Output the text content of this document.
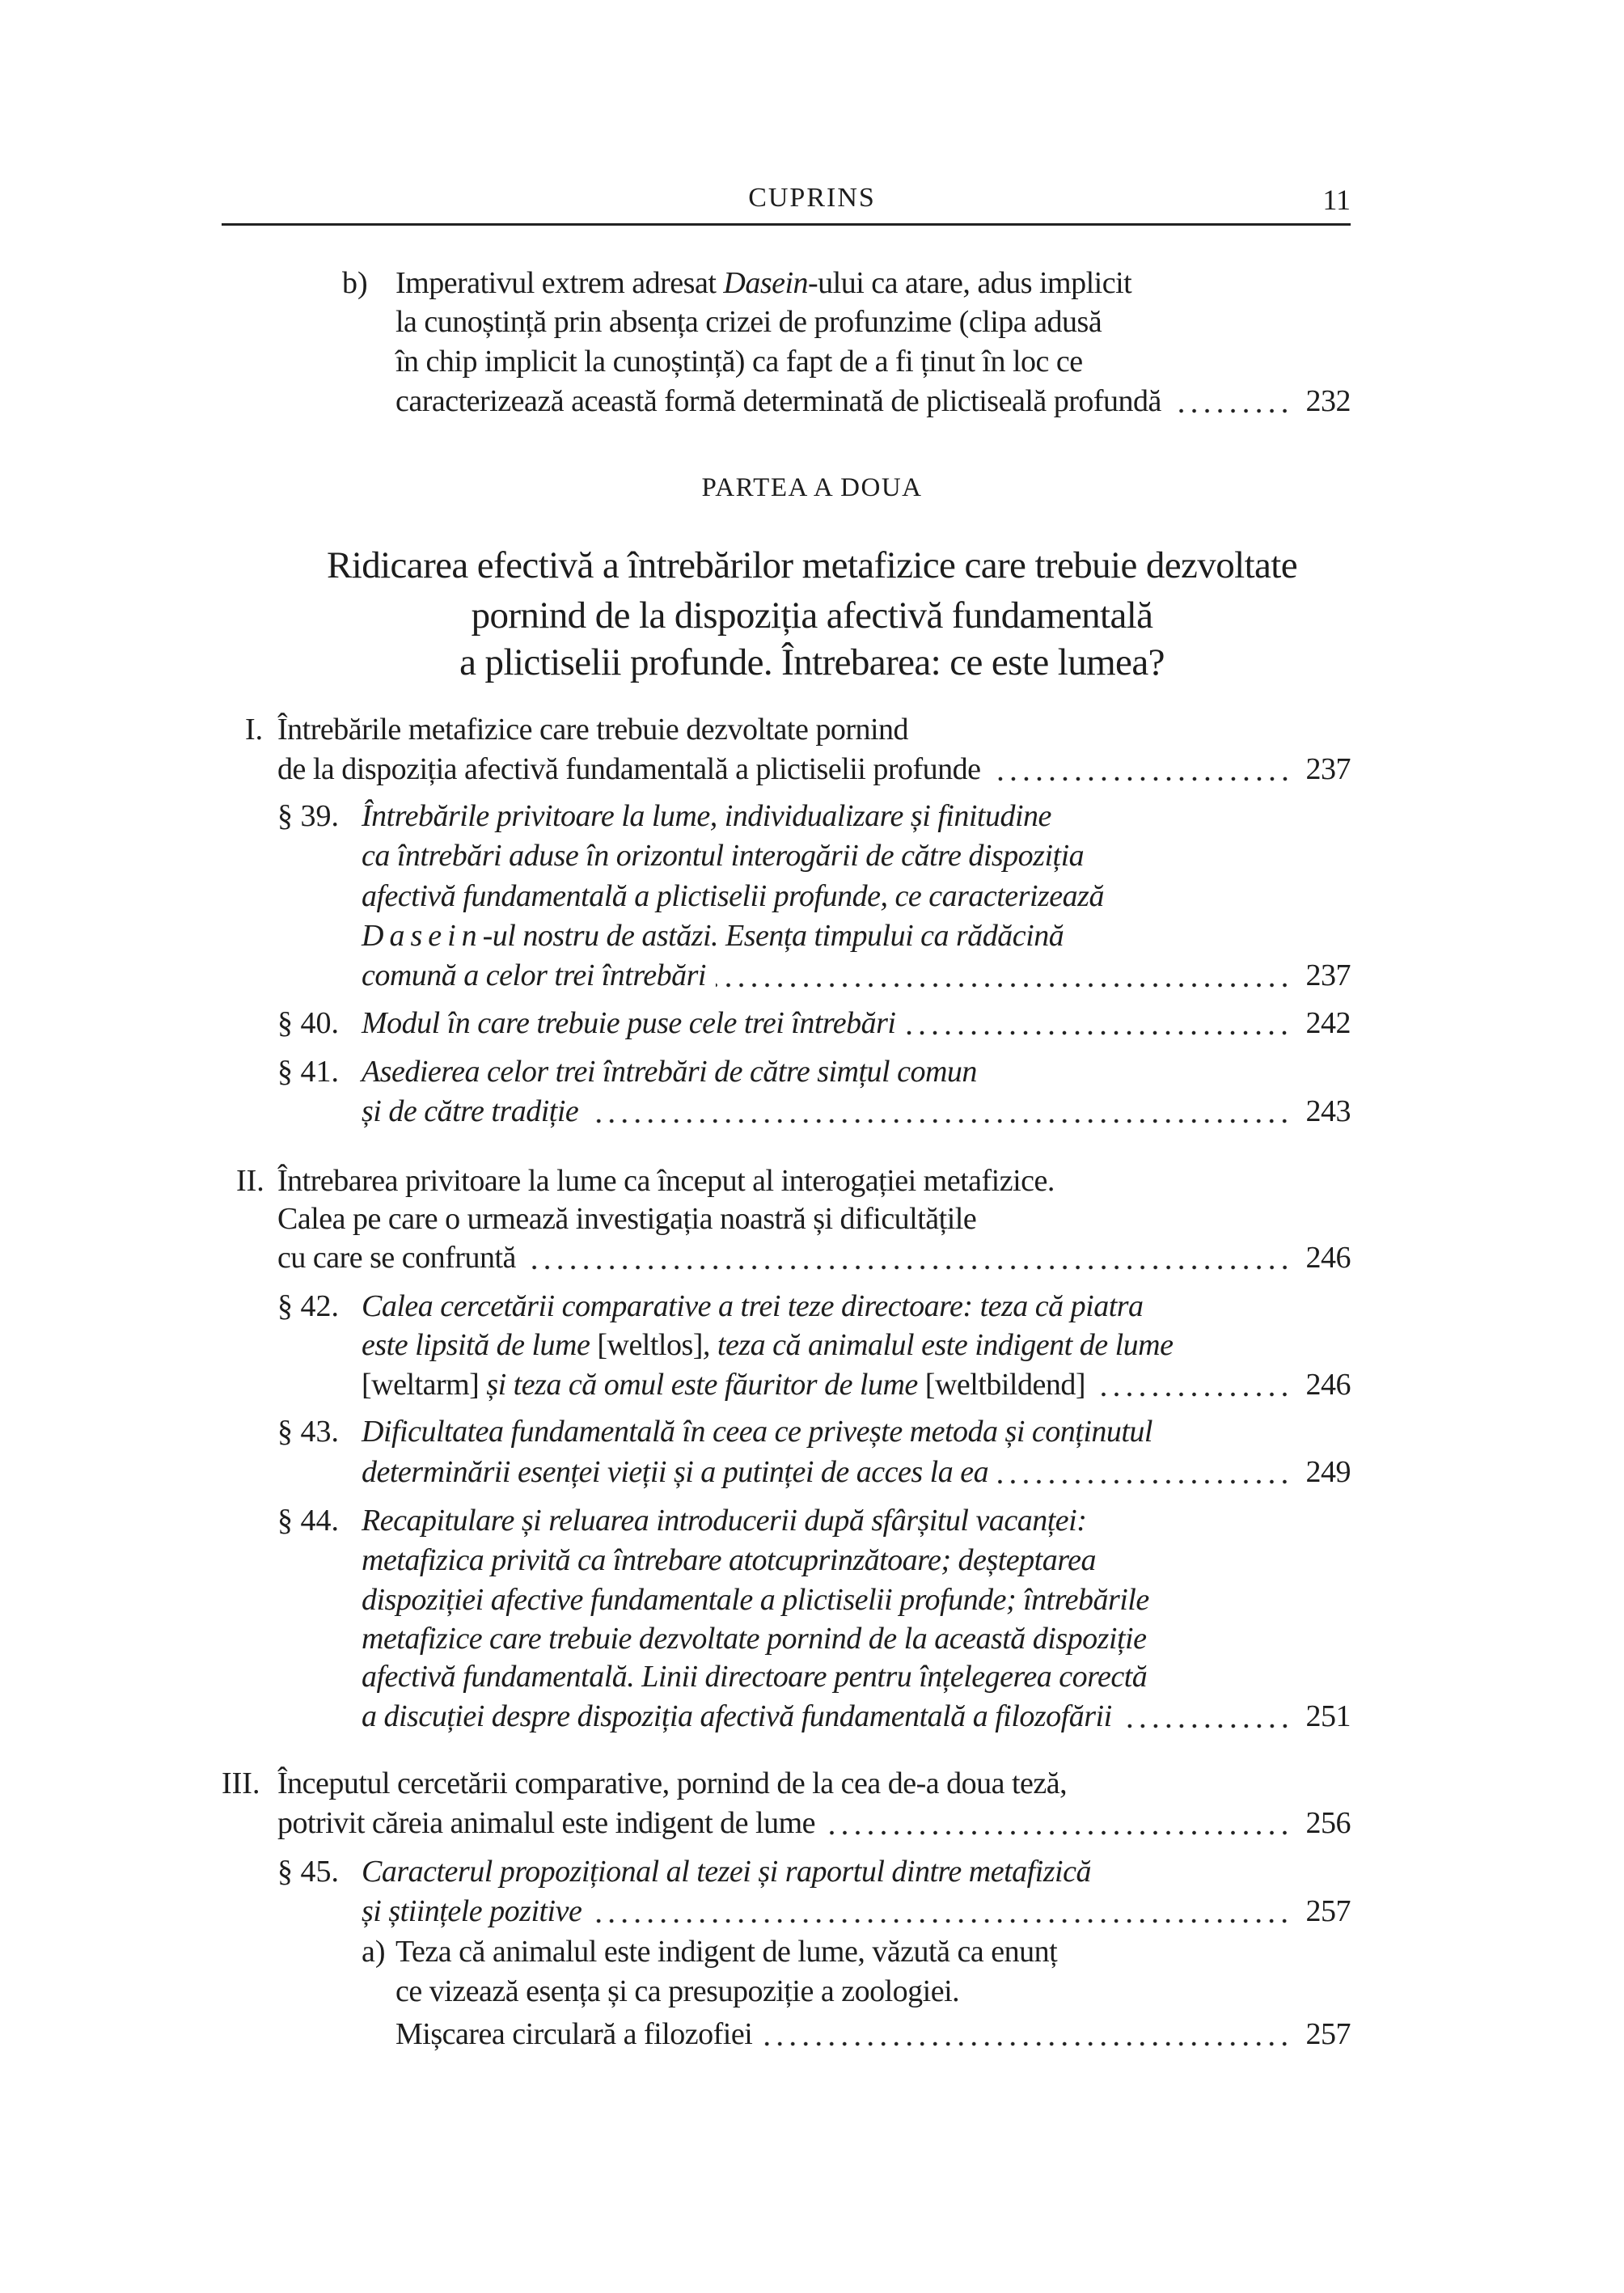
CUPRINS	11
PARTEA A DOUA
Ridicarea efectivă a întrebărilor metafizice care trebuie dezvoltate
pornind de la dispoziția afectivă fundamentală
a plictiselii profunde. Întrebarea: ce este lumea?
b) Imperativul extrem adresat Dasein-ului ca atare, adus implicit
la cunoștință prin absența crizei de profunzime (clipa adusă
în chip implicit la cunoștință) ca fapt de a fi ținut în loc ce
caracterizează această formă determinată de plictiseală profundă	232
I. Întrebările metafizice care trebuie dezvoltate pornind
de la dispoziția afectivă fundamentală a plictiselii profunde	237
§ 39. Întrebările privitoare la lume, individualizare și finitudine
ca întrebări aduse în orizontul interogării de către dispoziția
afectivă fundamentală a plictiselii profunde, ce caracterizează
Dasein-ul nostru de astăzi. Esența timpului ca rădăcină
comună a celor trei întrebări	237
§ 40. Modul în care trebuie puse cele trei întrebări	242
§ 41. Asedierea celor trei întrebări de către simțul comun
și de către tradiție	243
II. Întrebarea privitoare la lume ca început al interogației metafizice.
Calea pe care o urmează investigația noastră și dificultățile
cu care se confruntă	246
§ 42. Calea cercetării comparative a trei teze directoare: teza că piatra
este lipsită de lume [weltlos], teza că animalul este indigent de lume
[weltarm] și teza că omul este făuritor de lume [weltbildend]	246
§ 43. Dificultatea fundamentală în ceea ce privește metoda și conținutul
determinării esenței vieții și a putinței de acces la ea	249
§ 44. Recapitulare și reluarea introducerii după sfârșitul vacanței:
metafizica privită ca întrebare atotcuprinzătoare; deșteptarea
dispoziției afective fundamentale a plictiselii profunde; întrebările
metafizice care trebuie dezvoltate pornind de la această dispoziție
afectivă fundamentală. Linii directoare pentru înțelegerea corectă
a discuției despre dispoziția afectivă fundamentală a filozofării	251
III. Începutul cercetării comparative, pornind de la cea de-a doua teză,
potrivit căreia animalul este indigent de lume	256
§ 45. Caracterul propozițional al tezei și raportul dintre metafizică
și științele pozitive	257
a) Teza că animalul este indigent de lume, văzută ca enunț
ce vizează esența și ca presupoziție a zoologiei.
Mișcarea circulară a filozofiei	257
